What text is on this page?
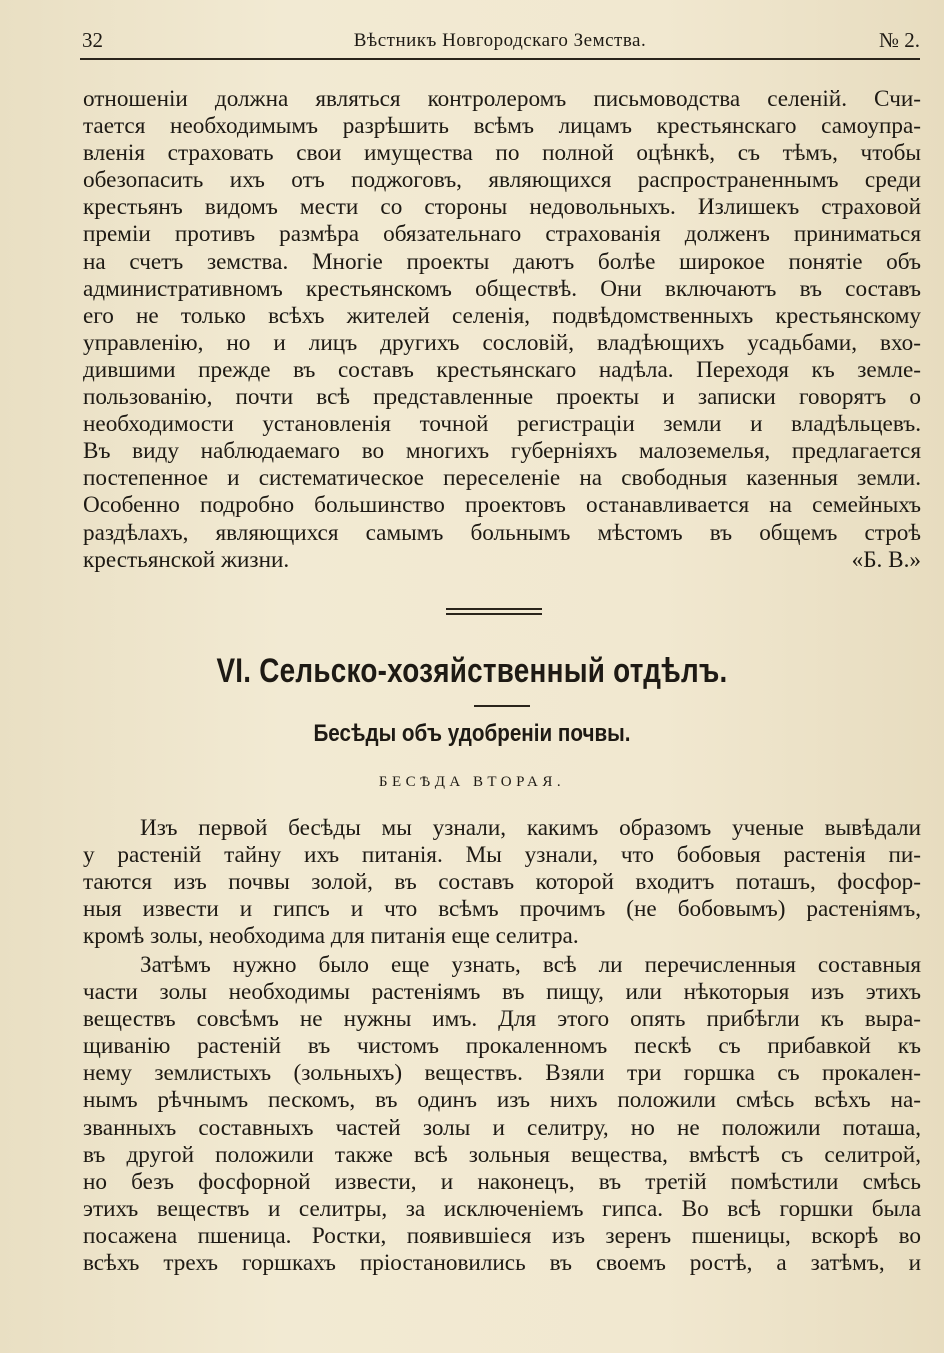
32	Вѣстникъ Новгородскаго Земства.	№ 2.
отношеніи должна являться контролеромъ письмоводства селеній. Счи-
тается необходимымъ разрѣшить всѣмъ лицамъ крестьянскаго самоупра-
вленія страховать свои имущества по полной оцѣнкѣ, съ тѣмъ, чтобы
обезопасить ихъ отъ поджоговъ, являющихся распространеннымъ среди
крестьянъ видомъ мести со стороны недовольныхъ. Излишекъ страховой
преміи противъ размѣра обязательнаго страхованія долженъ приниматься
на счетъ земства. Многіе проекты даютъ болѣе широкое понятіе объ
административномъ крестьянскомъ обществѣ. Они включаютъ въ составъ
его не только всѣхъ жителей селенія, подвѣдомственныхъ крестьянскому
управленію, но и лицъ другихъ сословій, владѣющихъ усадьбами, вхо-
дившими прежде въ составъ крестьянскаго надѣла. Переходя къ земле-
пользованію, почти всѣ представленные проекты и записки говорятъ о
необходимости установленія точной регистраціи земли и владѣльцевъ.
Въ виду наблюдаемаго во многихъ губерніяхъ малоземелья, предлагается
постепенное и систематическое переселеніе на свободныя казенныя земли.
Особенно подробно большинство проектовъ останавливается на семейныхъ
раздѣлахъ, являющихся самымъ больнымъ мѣстомъ въ общемъ строѣ
крестьянской жизни.	«Б. В.»
VI. Сельско-хозяйственный отдѣлъ.
Бесѣды объ удобреніи почвы.
БЕСѢДА ВТОРАЯ.
Изъ первой бесѣды мы узнали, какимъ образомъ ученые вывѣдали
у растеній тайну ихъ питанія. Мы узнали, что бобовыя растенія пи-
таются изъ почвы золой, въ составъ которой входитъ поташъ, фосфор-
ныя извести и гипсъ и что всѣмъ прочимъ (не бобовымъ) растеніямъ,
кромѣ золы, необходима для питанія еще селитра.
Затѣмъ нужно было еще узнать, всѣ ли перечисленныя составныя
части золы необходимы растеніямъ въ пищу, или нѣкоторыя изъ этихъ
веществъ совсѣмъ не нужны имъ. Для этого опять прибѣгли къ выра-
щиванію растеній въ чистомъ прокаленномъ пескѣ съ прибавкой къ
нему землистыхъ (зольныхъ) веществъ. Взяли три горшка съ прокален-
нымъ рѣчнымъ пескомъ, въ одинъ изъ нихъ положили смѣсь всѣхъ на-
званныхъ составныхъ частей золы и селитру, но не положили поташа,
въ другой положили также всѣ зольныя вещества, вмѣстѣ съ селитрой,
но безъ фосфорной извести, и наконецъ, въ третій помѣстили смѣсь
этихъ веществъ и селитры, за исключеніемъ гипса. Во всѣ горшки была
посажена пшеница. Ростки, появившіеся изъ зеренъ пшеницы, вскорѣ во
всѣхъ трехъ горшкахъ пріостановились въ своемъ ростѣ, а затѣмъ, и
